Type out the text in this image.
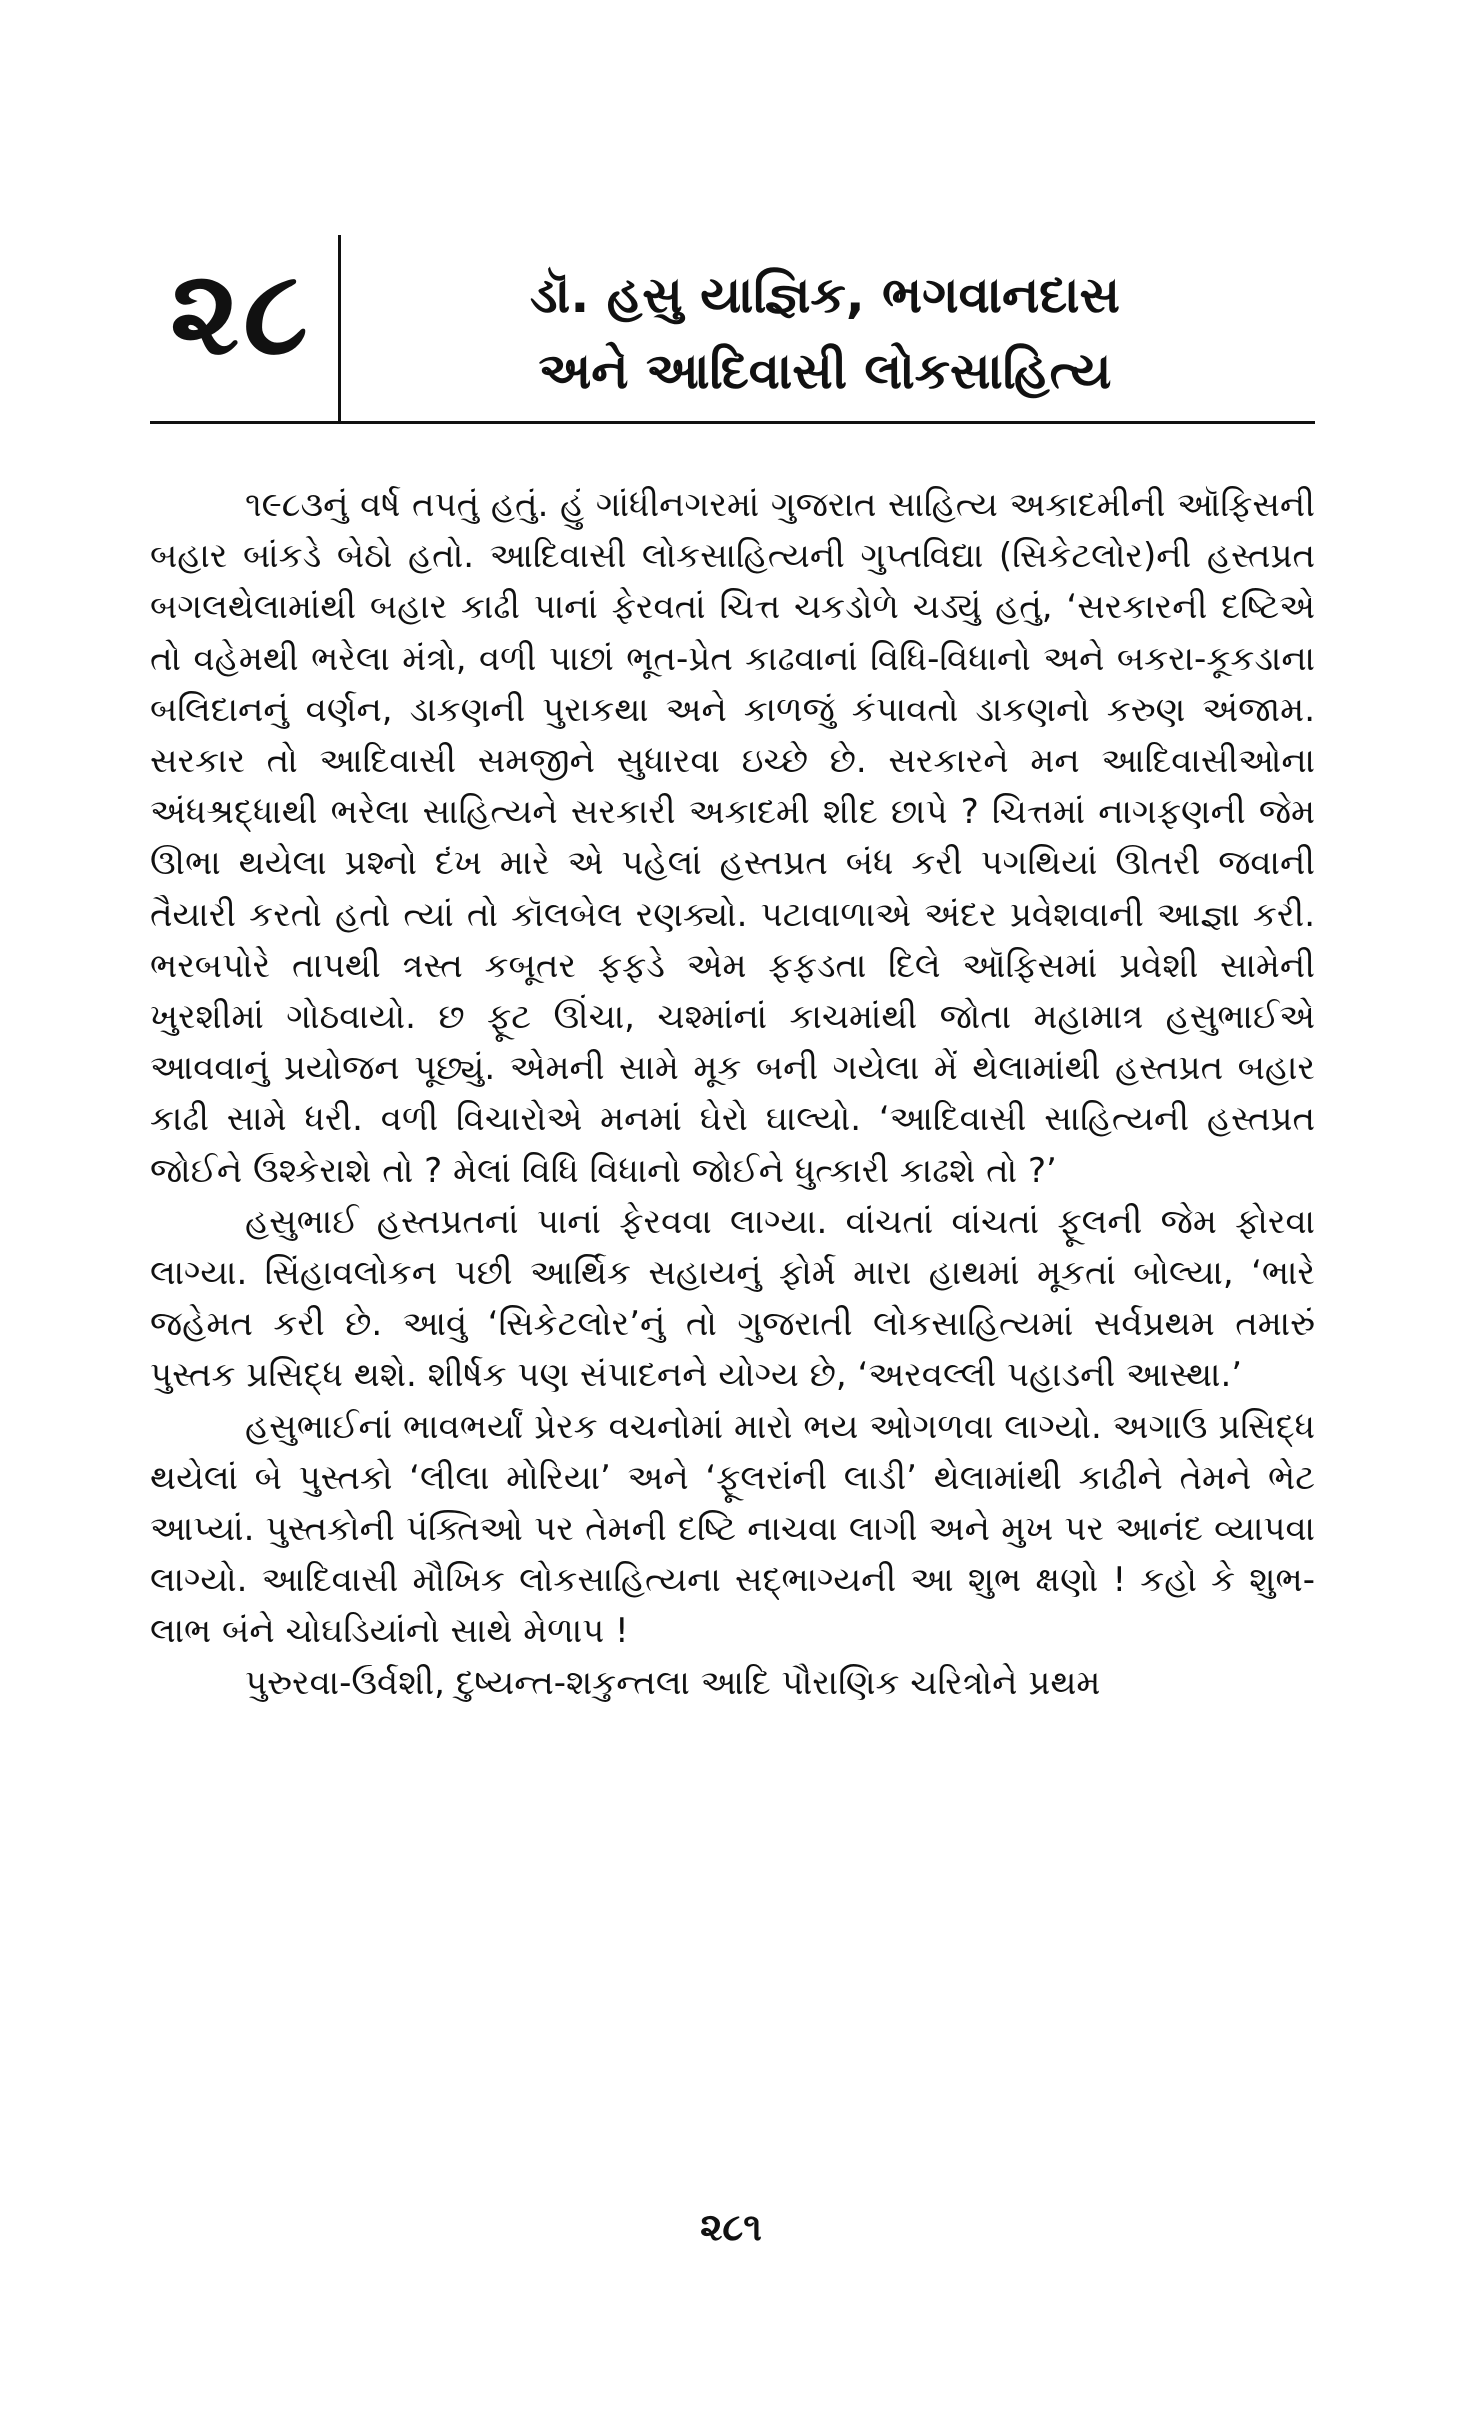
૨૮	ડૉ. હસુ યાજ્ઞિક, ભગવાનદાસ
અને આદિવાસી લોકસાહિત્ય

૧૯૮૩નું વર્ષ તપતું હતું. હું ગાંધીનગરમાં ગુજરાત સાહિત્ય અકાદમીની ઑફિસની બહાર બાંકડે બેઠો હતો. આદિવાસી લોકસાહિત્યની ગુપ્તવિદ્યા (સિકેટલોર)ની હસ્તપ્રત બગલથેલામાંથી બહાર કાઢી પાનાં ફેરવતાં ચિત્ત ચકડોળે ચડ્યું હતું, ‘સરકારની દષ્ટિએ તો વહેમથી ભરેલા મંત્રો, વળી પાછાં ભૂત-પ્રેત કાઢવાનાં વિધિ-વિધાનો અને બકરા-કૂકડાના બલિદાનનું વર્ણન, ડાકણની પુરાકથા અને કાળજું કંપાવતો ડાકણનો કરુણ અંજામ. સરકાર તો આદિવાસી સમજીને સુધારવા ઇચ્છે છે. સરકારને મન આદિવાસીઓના અંધશ્રદ્ધાથી ભરેલા સાહિત્યને સરકારી અકાદમી શીદ છાપે ? ચિત્તમાં નાગફણની જેમ ઊભા થયેલા પ્રશ્નો દંખ મારે એ પહેલાં હસ્તપ્રત બંધ કરી પગથિયાં ઊતરી જવાની તૈયારી કરતો હતો ત્યાં તો કૉલબેલ રણક્યો. પટાવાળાએ અંદર પ્રવેશવાની આજ્ઞા કરી. ભરબપોરે તાપથી ત્રસ્ત કબૂતર ફફડે એમ ફફડતા દિલે ઑફિસમાં પ્રવેશી સામેની ખુરશીમાં ગોઠવાયો. છ ફૂટ ઊંચા, ચશ્માંનાં કાચમાંથી જોતા મહામાત્ર હસુભાઈએ આવવાનું પ્રયોજન પૂછ્યું. એમની સામે મૂક બની ગયેલા મેં થેલામાંથી હસ્તપ્રત બહાર કાઢી સામે ધરી. વળી વિચારોએ મનમાં ઘેરો ઘાલ્યો. ‘આદિવાસી સાહિત્યની હસ્તપ્રત જોઈને ઉશ્કેરાશે તો ? મેલાં વિધિ વિધાનો જોઈને ધુત્કારી કાઢશે તો ?’

હસુભાઈ હસ્તપ્રતનાં પાનાં ફેરવવા લાગ્યા. વાંચતાં વાંચતાં ફૂલની જેમ ફોરવા લાગ્યા. સિંહાવલોકન પછી આર્થિક સહાયનું ફોર્મ મારા હાથમાં મૂકતાં બોલ્યા, ‘ભારે જહેમત કરી છે. આવું ‘સિકેટલોર’નું તો ગુજરાતી લોકસાહિત્યમાં સર્વપ્રથમ તમારું પુસ્તક પ્રસિદ્ધ થશે. શીર્ષક પણ સંપાદનને યોગ્ય છે, ‘અરવલ્લી પહાડની આસ્થા.’

હસુભાઈનાં ભાવભર્યાં પ્રેરક વચનોમાં મારો ભય ઓગળવા લાગ્યો. અગાઉ પ્રસિદ્ધ થયેલાં બે પુસ્તકો ‘લીલા મોરિયા’ અને ‘ફૂલરાંની લાડી’ થેલામાંથી કાઢીને તેમને ભેટ આપ્યાં. પુસ્તકોની પંક્તિઓ પર તેમની દષ્ટિ નાચવા લાગી અને મુખ પર આનંદ વ્યાપવા લાગ્યો. આદિવાસી મૌખિક લોકસાહિત્યના સદ્‌ભાગ્યની આ શુભ ક્ષણો ! કહો કે શુભ-લાભ બંને ચોઘડિયાંનો સાથે મેળાપ !

પુરુરવા-ઉર્વશી, દુષ્યન્ત-શકુન્તલા આદિ પૌરાણિક ચરિત્રોને પ્રથમ

૨૮૧
